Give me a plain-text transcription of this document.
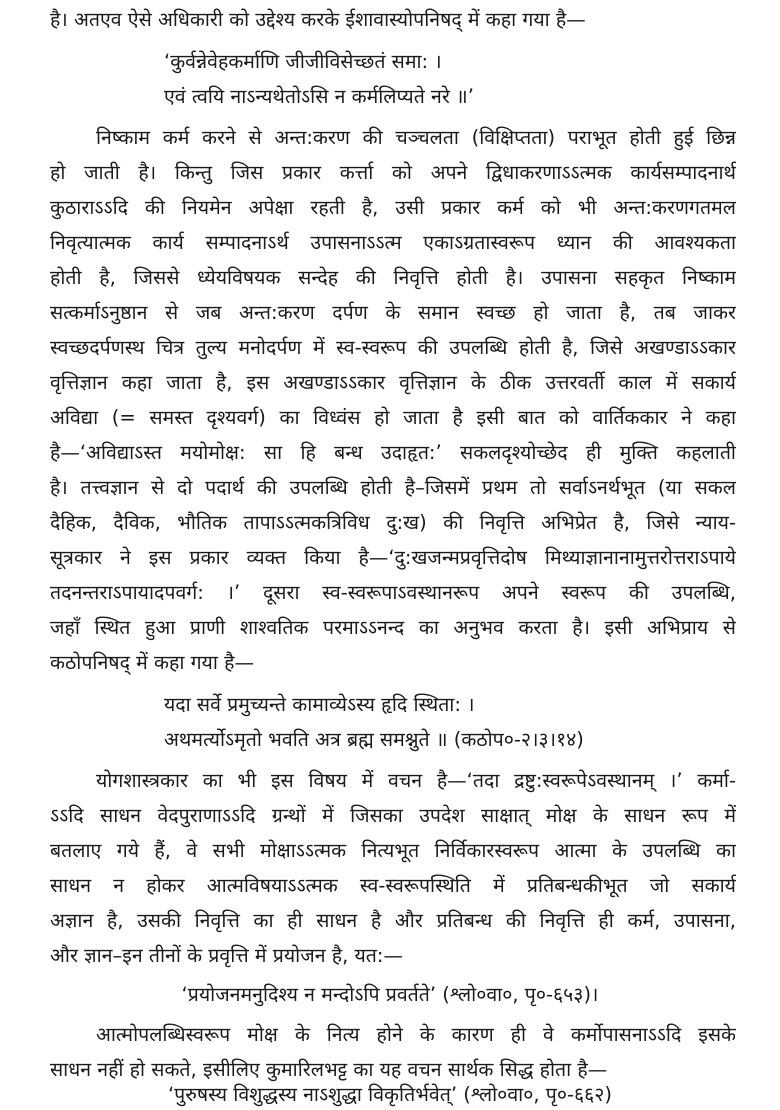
है। अतएव ऐसे अधिकारी को उद्देश्य करके ईशावास्योपनिषद् में कहा गया है—
‘कुर्वन्नेवेहकर्माणि जीजीविसेच्छतं समा: ।
एवं त्वयि नाऽन्यथेतोऽसि न कर्मलिप्यते नरे ॥’
निष्काम कर्म करने से अन्त:करण की चञ्चलता (विक्षिप्तता) पराभूत होती हुई छिन्न
हो जाती है। किन्तु जिस प्रकार कर्त्ता को अपने द्विधाकरणाऽऽत्मक कार्यसम्पादनार्थ
कुठाराऽऽदि की नियमेन अपेक्षा रहती है, उसी प्रकार कर्म को भी अन्त:करणगतमल
निवृत्यात्मक कार्य सम्पादनाऽर्थ उपासनाऽऽत्म एकाऽग्रतास्वरूप ध्यान की आवश्यकता
होती है, जिससे ध्येयविषयक सन्देह की निवृत्ति होती है। उपासना सहकृत निष्काम
सत्कर्माऽनुष्ठान से जब अन्त:करण दर्पण के समान स्वच्छ हो जाता है, तब जाकर
स्वच्छदर्पणस्थ चित्र तुल्य मनोदर्पण में स्व-स्वरूप की उपलब्धि होती है, जिसे अखण्डाऽऽकार
वृत्तिज्ञान कहा जाता है, इस अखण्डाऽऽकार वृत्तिज्ञान के ठीक उत्तरवर्ती काल में सकार्य
अविद्या (= समस्त दृश्यवर्ग) का विध्वंस हो जाता है इसी बात को वार्तिककार ने कहा
है—‘अविद्याऽस्त मयोमोक्ष: सा हि बन्ध उदाहृत:’ सकलदृश्योच्छेद ही मुक्ति कहलाती
है। तत्त्वज्ञान से दो पदार्थ की उपलब्धि होती है–जिसमें प्रथम तो सर्वाऽनर्थभूत (या सकल
दैहिक, दैविक, भौतिक तापाऽऽत्मकत्रिविध दु:ख) की निवृत्ति अभिप्रेत है, जिसे न्याय-
सूत्रकार ने इस प्रकार व्यक्त किया है—‘दु:खजन्मप्रवृत्तिदोष मिथ्याज्ञानानामुत्तरोत्तराऽपाये
तदनन्तराऽपायादपवर्ग: ।’ दूसरा स्व-स्वरूपाऽवस्थानरूप अपने स्वरूप की उपलब्धि,
जहाँ स्थित हुआ प्राणी शाश्वतिक परमाऽऽनन्द का अनुभव करता है। इसी अभिप्राय से
कठोपनिषद् में कहा गया है—
यदा सर्वे प्रमुच्यन्ते कामाव्येऽस्य हृदि स्थिता: ।
अथमर्त्योऽमृतो भवति अत्र ब्रह्म समश्नुते ॥ (कठोप०-२।३।१४)
योगशास्त्रकार का भी इस विषय में वचन है—‘तदा द्रष्टु:स्वरूपेऽवस्थानम् ।’ कर्मा-
ऽऽदि साधन वेदपुराणाऽऽदि ग्रन्थों में जिसका उपदेश साक्षात् मोक्ष के साधन रूप में
बतलाए गये हैं, वे सभी मोक्षाऽऽत्मक नित्यभूत निर्विकारस्वरूप आत्मा के उपलब्धि का
साधन न होकर आत्मविषयाऽऽत्मक स्व-स्वरूपस्थिति में प्रतिबन्धकीभूत जो सकार्य
अज्ञान है, उसकी निवृत्ति का ही साधन है और प्रतिबन्ध की निवृत्ति ही कर्म, उपासना,
और ज्ञान–इन तीनों के प्रवृत्ति में प्रयोजन है, यत:—
‘प्रयोजनमनुदिश्य न मन्दोऽपि प्रवर्तते’ (श्लो०वा०, पृ०-६५३)।
आत्मोपलब्धिस्वरूप मोक्ष के नित्य होने के कारण ही वे कर्मोपासनाऽऽदि इसके
साधन नहीं हो सकते, इसीलिए कुमारिलभट्ट का यह वचन सार्थक सिद्ध होता है—
‘पुरुषस्य विशुद्धस्य नाऽशुद्धा विकृतिर्भवेत्’ (श्लो०वा०, पृ०-६६२)
